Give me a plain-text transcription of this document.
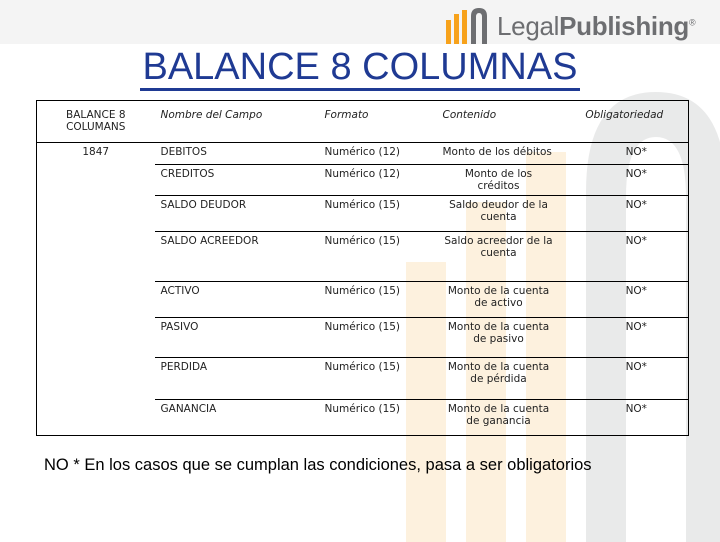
LegalPublishing®
BALANCE 8 COLUMNAS
BALANCE 8 COLUMANS	Nombre del Campo	Formato	Contenido	Obligatoriedad
1847	DEBITOS	Numérico (12)	Monto de los débitos	NO*
	CREDITOS	Numérico (12)	Monto de los créditos	NO*
	SALDO DEUDOR	Numérico (15)	Saldo deudor de la cuenta	NO*
	SALDO ACREEDOR	Numérico (15)	Saldo acreedor de la cuenta	NO*
	ACTIVO	Numérico (15)	Monto de la cuenta de activo	NO*
	PASIVO	Numérico (15)	Monto de la cuenta de pasivo	NO*
	PERDIDA	Numérico (15)	Monto de la cuenta de pérdida	NO*
	GANANCIA	Numérico (15)	Monto de la cuenta de ganancia	NO*
NO * En los casos que se cumplan las condiciones, pasa a ser obligatorios
